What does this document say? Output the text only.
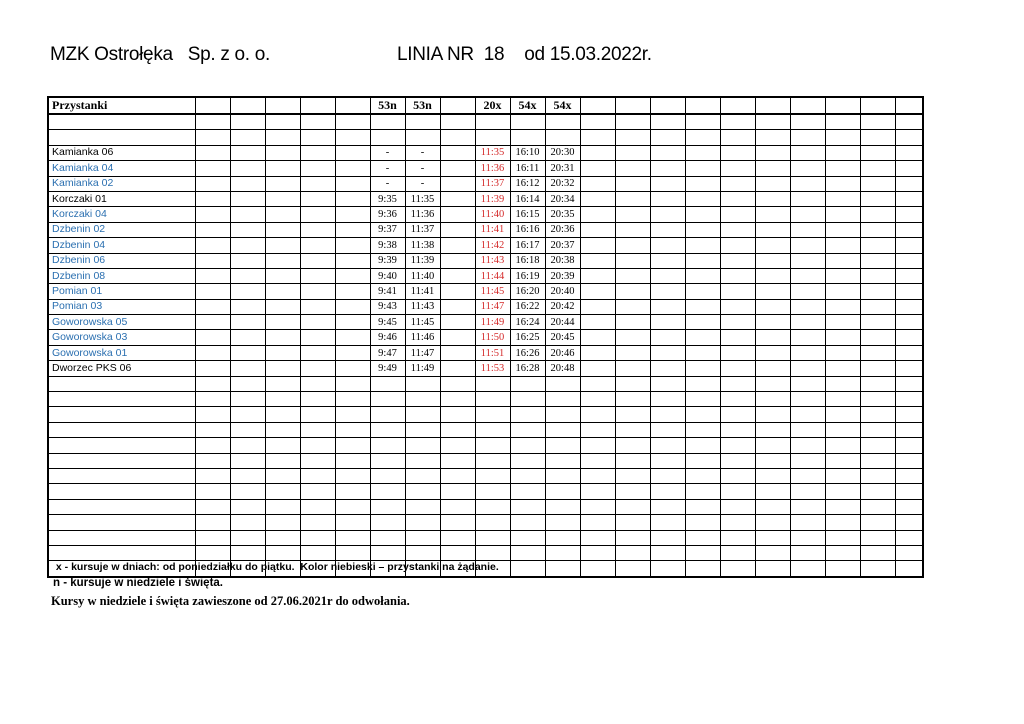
MZK Ostrołęka   Sp. z o. o.	LINIA NR  18    od 15.03.2022r.
Przystanki						53n	53n		20x	54x	54x										

Kamianka 06						-	-		11:35	16:10	20:30										
Kamianka 04						-	-		11:36	16:11	20:31										
Kamianka 02						-	-		11:37	16:12	20:32										
Korczaki 01						9:35	11:35		11:39	16:14	20:34										
Korczaki 04						9:36	11:36		11:40	16:15	20:35										
Dzbenin 02						9:37	11:37		11:41	16:16	20:36										
Dzbenin 04						9:38	11:38		11:42	16:17	20:37										
Dzbenin 06						9:39	11:39		11:43	16:18	20:38										
Dzbenin 08						9:40	11:40		11:44	16:19	20:39										
Pomian 01						9:41	11:41		11:45	16:20	20:40										
Pomian 03						9:43	11:43		11:47	16:22	20:42										
Goworowska 05						9:45	11:45		11:49	16:24	20:44										
Goworowska 03						9:46	11:46		11:50	16:25	20:45										
Goworowska 01						9:47	11:47		11:51	16:26	20:46										
Dworzec PKS 06						9:49	11:49		11:53	16:28	20:48										

x - kursuje w dniach: od poniedziałku do piątku.  Kolor niebieski – przystanki na żądanie.
n - kursuje w niedziele i święta.
Kursy w niedziele i święta zawieszone od 27.06.2021r do odwołania.
